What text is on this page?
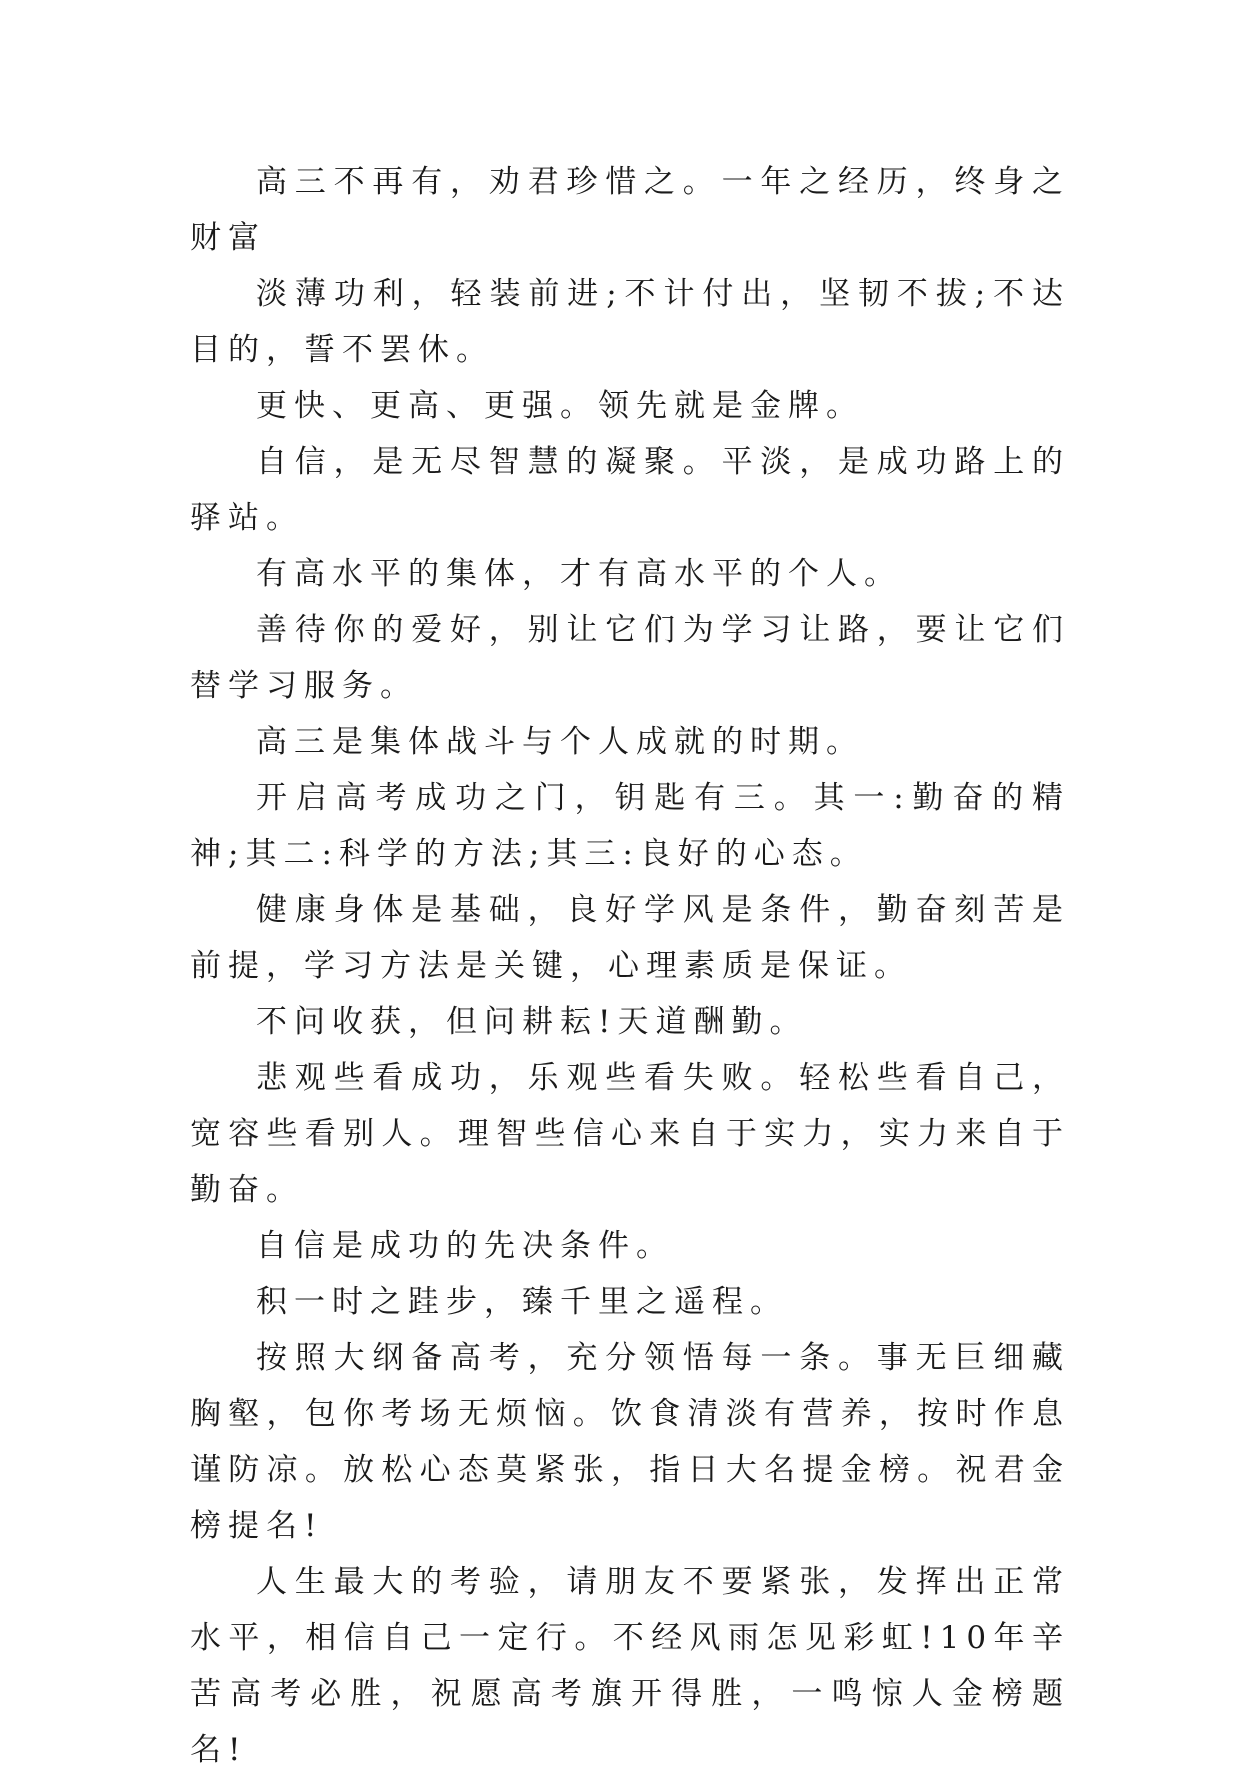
高三不再有，劝君珍惜之。一年之经历，终身之财富

淡薄功利，轻装前进;不计付出，坚韧不拔;不达目的，誓不罢休。

更快、更高、更强。领先就是金牌。

自信，是无尽智慧的凝聚。平淡，是成功路上的驿站。

有高水平的集体，才有高水平的个人。

善待你的爱好，别让它们为学习让路，要让它们替学习服务。

高三是集体战斗与个人成就的时期。

开启高考成功之门，钥匙有三。其一:勤奋的精神;其二:科学的方法;其三:良好的心态。

健康身体是基础，良好学风是条件，勤奋刻苦是前提，学习方法是关键，心理素质是保证。

不问收获，但问耕耘!天道酬勤。

悲观些看成功，乐观些看失败。轻松些看自己，宽容些看别人。理智些信心来自于实力，实力来自于勤奋。

自信是成功的先决条件。

积一时之跬步，臻千里之遥程。

按照大纲备高考，充分领悟每一条。事无巨细藏胸壑，包你考场无烦恼。饮食清淡有营养，按时作息谨防凉。放松心态莫紧张，指日大名提金榜。祝君金榜提名!

人生最大的考验，请朋友不要紧张，发挥出正常水平，相信自己一定行。不经风雨怎见彩虹!10年辛苦高考必胜，祝愿高考旗开得胜，一鸣惊人金榜题名!
